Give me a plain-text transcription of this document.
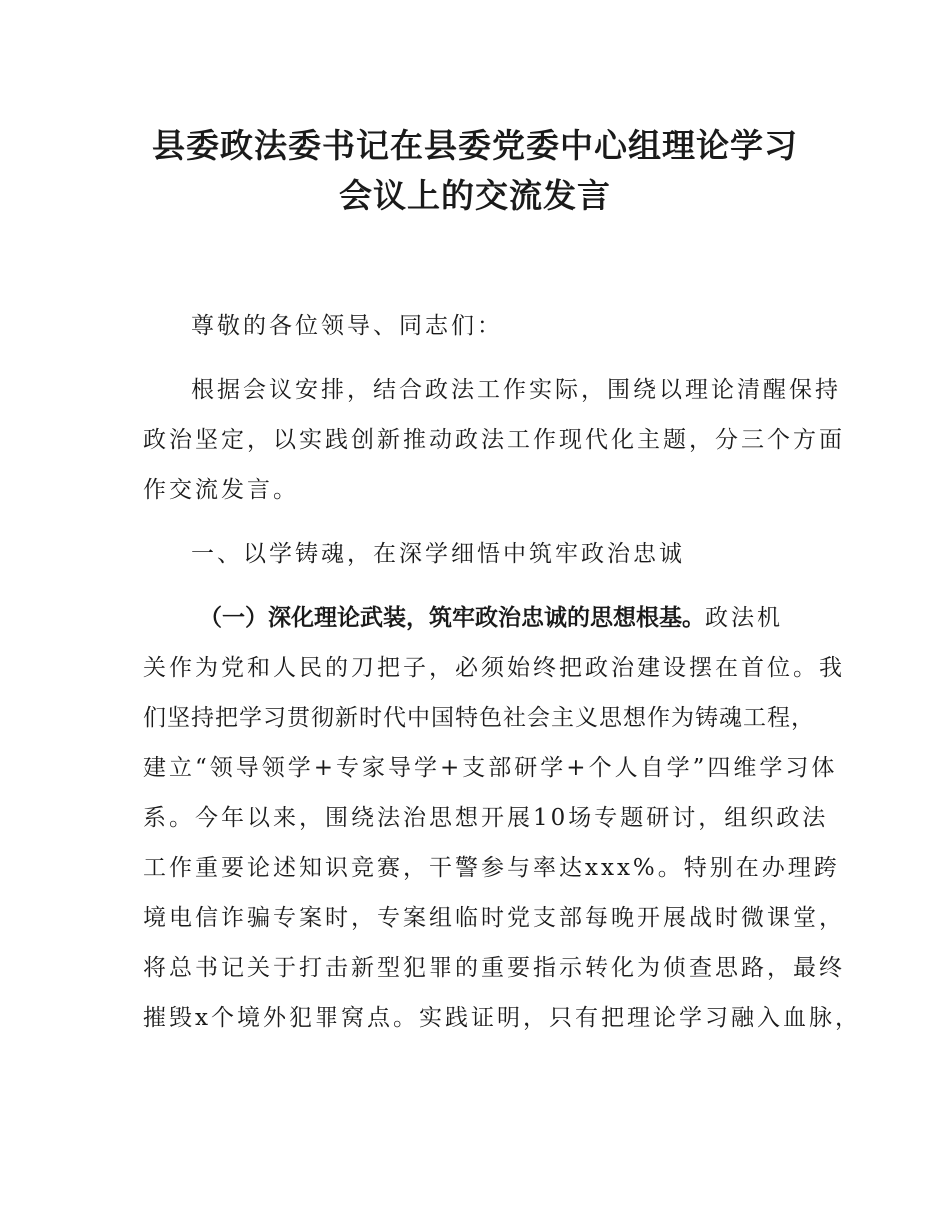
县委政法委书记在县委党委中心组理论学习
会议上的交流发言
尊敬的各位领导、同志们：
根据会议安排，结合政法工作实际，围绕以理论清醒保持
政治坚定，以实践创新推动政法工作现代化主题，分三个方面
作交流发言。
一、以学铸魂，在深学细悟中筑牢政治忠诚
（一）深化理论武装，筑牢政治忠诚的思想根基。政法机
关作为党和人民的刀把子，必须始终把政治建设摆在首位。我
们坚持把学习贯彻新时代中国特色社会主义思想作为铸魂工程，
建立“领导领学+专家导学+支部研学+个人自学”四维学习体
系。今年以来，围绕法治思想开展10场专题研讨，组织政法
工作重要论述知识竞赛，干警参与率达xxx%。特别在办理跨
境电信诈骗专案时，专案组临时党支部每晚开展战时微课堂，
将总书记关于打击新型犯罪的重要指示转化为侦查思路，最终
摧毁x个境外犯罪窝点。实践证明，只有把理论学习融入血脉，
